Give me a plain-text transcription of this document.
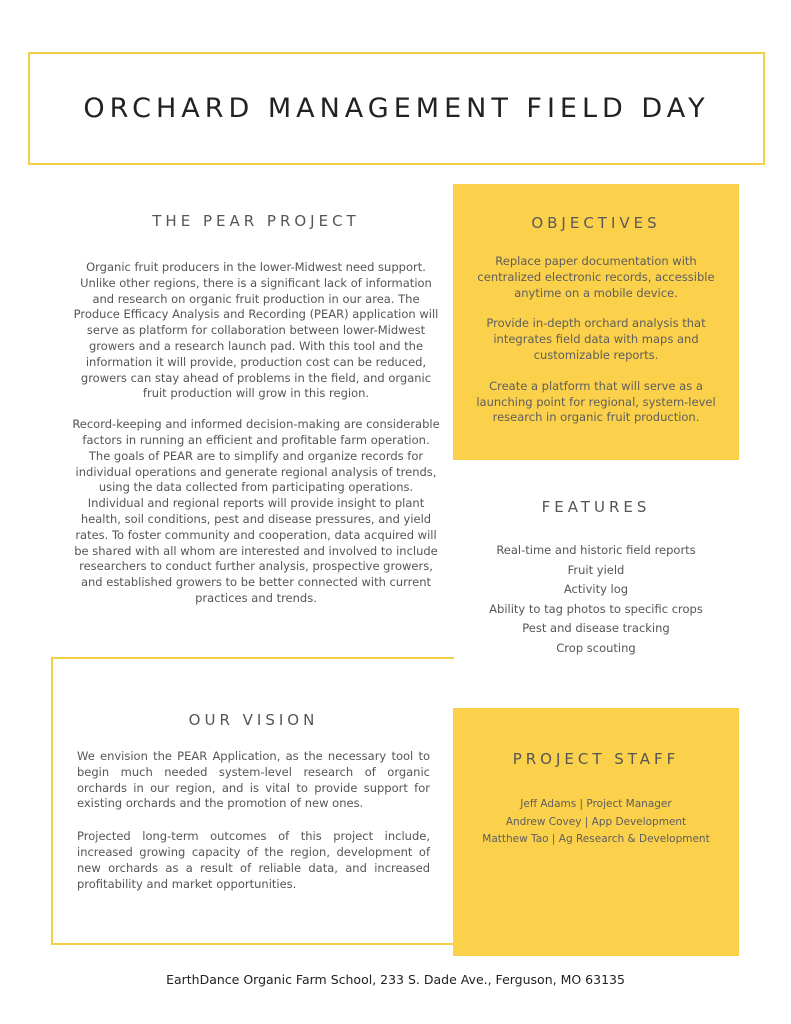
ORCHARD MANAGEMENT FIELD DAY
THE PEAR PROJECT

Organic fruit producers in the lower-Midwest need support. Unlike other regions, there is a significant lack of information and research on organic fruit production in our area. The Produce Efficacy Analysis and Recording (PEAR) application will serve as platform for collaboration between lower-Midwest growers and a research launch pad. With this tool and the information it will provide, production cost can be reduced, growers can stay ahead of problems in the field, and organic fruit production will grow in this region.

Record-keeping and informed decision-making are considerable factors in running an efficient and profitable farm operation. The goals of PEAR are to simplify and organize records for individual operations and generate regional analysis of trends, using the data collected from participating operations. Individual and regional reports will provide insight to plant health, soil conditions, pest and disease pressures, and yield rates. To foster community and cooperation, data acquired will be shared with all whom are interested and involved to include researchers to conduct further analysis, prospective growers, and established growers to be better connected with current practices and trends.

OBJECTIVES

Replace paper documentation with centralized electronic records, accessible anytime on a mobile device.

Provide in-depth orchard analysis that integrates field data with maps and customizable reports.

Create a platform that will serve as a launching point for regional, system-level research in organic fruit production.

FEATURES
Real-time and historic field reports
Fruit yield
Activity log
Ability to tag photos to specific crops
Pest and disease tracking
Crop scouting
OUR VISION

We envision the PEAR Application, as the necessary tool to begin much needed system-level research of organic orchards in our region, and is vital to provide support for existing orchards and the promotion of new ones.

Projected long-term outcomes of this project include, increased growing capacity of the region, development of new orchards as a result of reliable data, and increased profitability and market opportunities.

PROJECT STAFF
Jeff Adams | Project Manager
Andrew Covey | App Development
Matthew Tao | Ag Research & Development
EarthDance Organic Farm School, 233 S. Dade Ave., Ferguson, MO 63135
